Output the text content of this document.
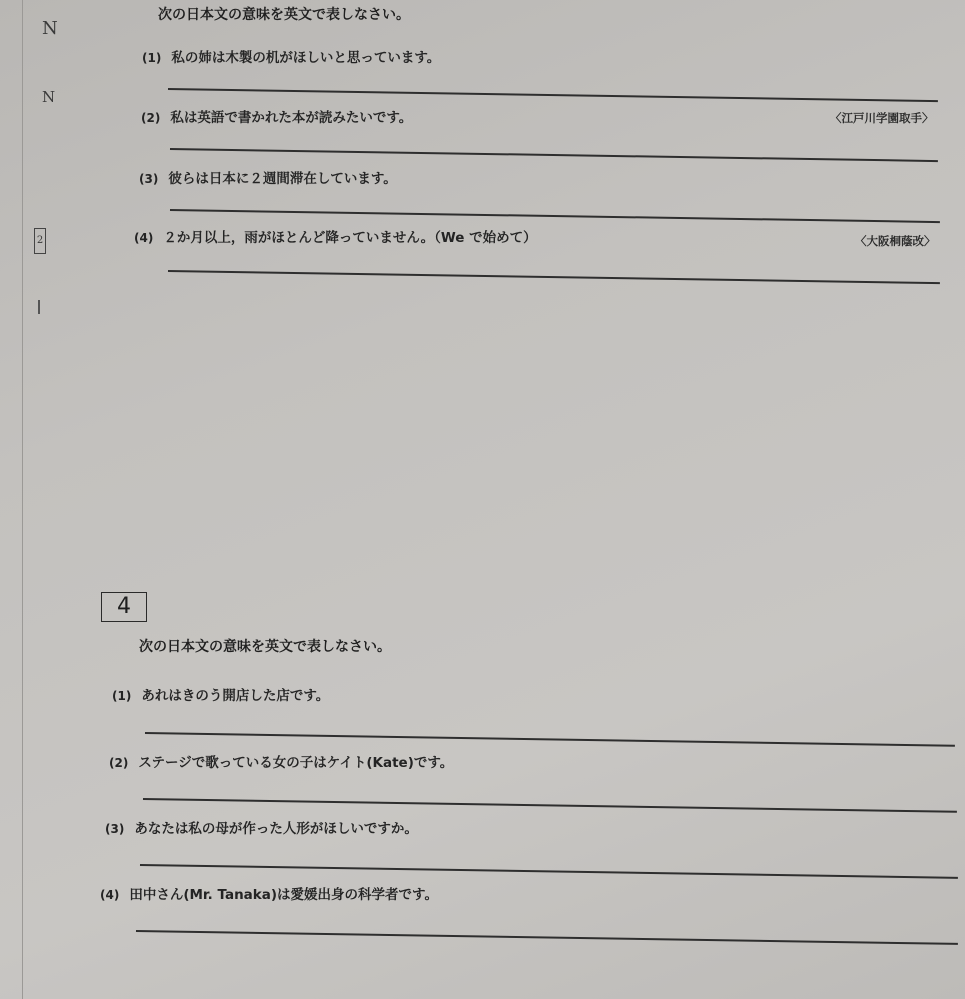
N
N
2
次の日本文の意味を英文で表しなさい。
(1) 私の姉は木製の机がほしいと思っています。
(2) 私は英語で書かれた本が読みたいです。	〈江戸川学園取手〉
(3) 彼らは日本に２週間滞在しています。
(4) ２か月以上，雨がほとんど降っていません。（We で始めて）	〈大阪桐蔭改〉
4
次の日本文の意味を英文で表しなさい。
(1) あれはきのう開店した店です。
(2) ステージで歌っている女の子はケイト(Kate)です。
(3) あなたは私の母が作った人形がほしいですか。
(4) 田中さん(Mr. Tanaka)は愛媛出身の科学者です。
